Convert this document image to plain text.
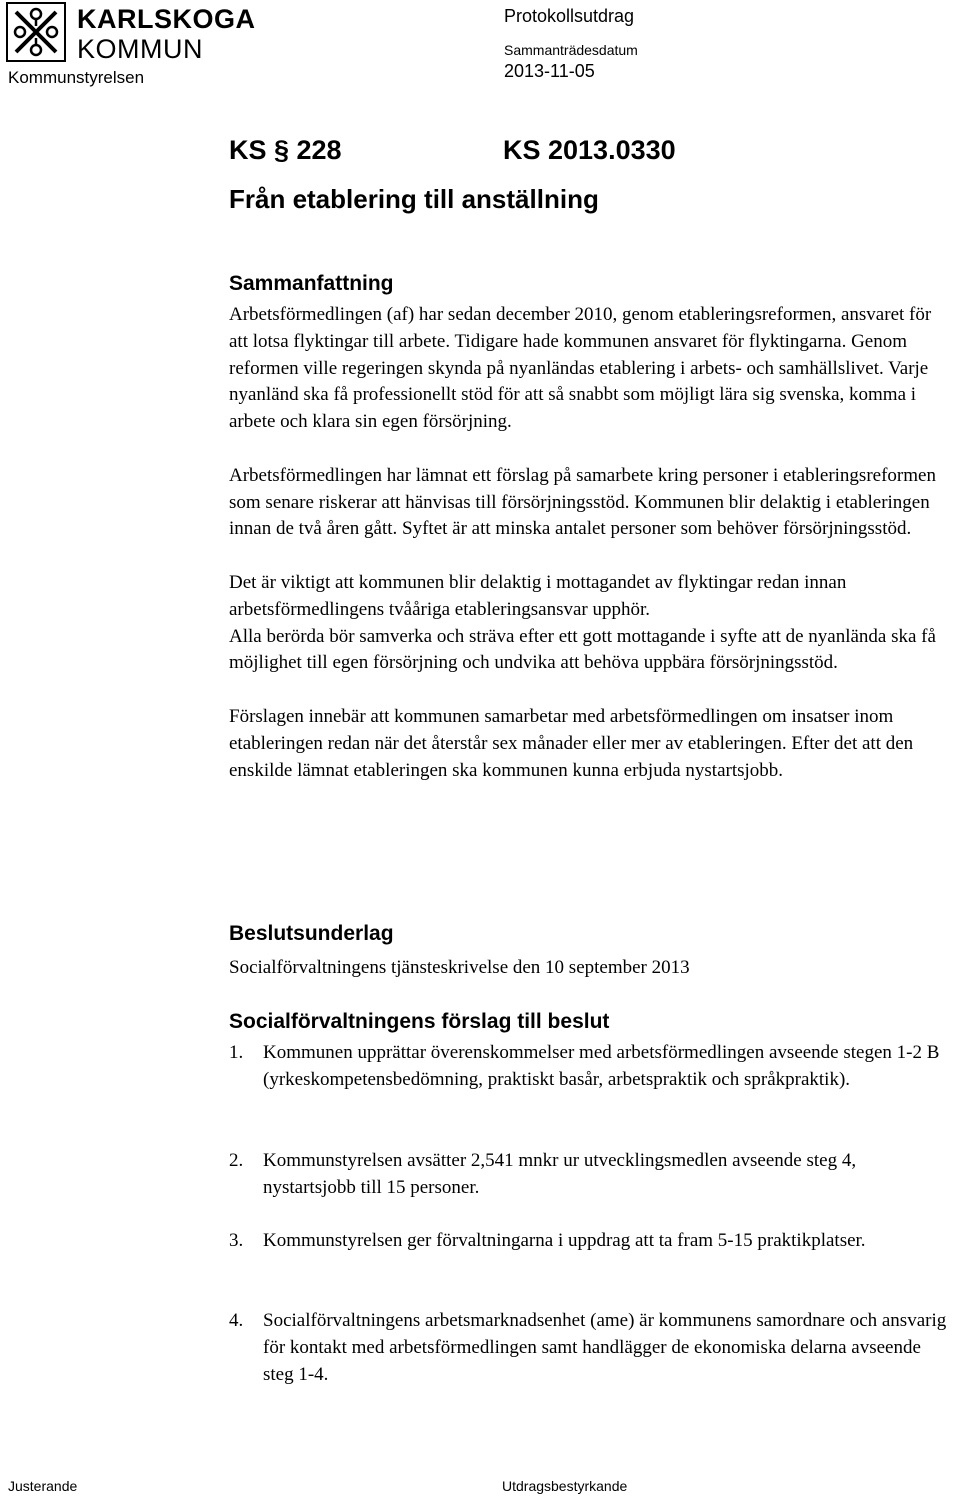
KARLSKOGA
KOMMUN
Kommunstyrelsen
Protokollsutdrag
Sammanträdesdatum
2013-11-05
KS § 228	KS 2013.0330
Från etablering till anställning
Sammanfattning

Arbetsförmedlingen (af) har sedan december 2010, genom etableringsreformen, ansvaret för att lotsa flyktingar till arbete. Tidigare hade kommunen ansvaret för flyktingarna. Genom reformen ville regeringen skynda på nyanländas etablering i arbets- och samhällslivet. Varje nyanländ ska få professionellt stöd för att så snabbt som möjligt lära sig svenska, komma i arbete och klara sin egen försörjning.

Arbetsförmedlingen har lämnat ett förslag på samarbete kring personer i etableringsreformen som senare riskerar att hänvisas till försörjningsstöd. Kommunen blir delaktig i etableringen innan de två åren gått. Syftet är att minska antalet personer som behöver försörjningsstöd.

Det är viktigt att kommunen blir delaktig i mottagandet av flyktingar redan innan arbetsförmedlingens tvååriga etableringsansvar upphör.

Alla berörda bör samverka och sträva efter ett gott mottagande i syfte att de nyanlända ska få möjlighet till egen försörjning och undvika att behöva uppbära försörjningsstöd.

Förslagen innebär att kommunen samarbetar med arbetsförmedlingen om insatser inom etableringen redan när det återstår sex månader eller mer av etableringen. Efter det att den enskilde lämnat etableringen ska kommunen kunna erbjuda nystartsjobb.

Beslutsunderlag
Socialförvaltningens tjänsteskrivelse den 10 september 2013
Socialförvaltningens förslag till beslut
1. Kommunen upprättar överenskommelser med arbetsförmedlingen avseende stegen 1-2 B (yrkeskompetensbedömning, praktiskt basår, arbetspraktik och språkpraktik).
2. Kommunstyrelsen avsätter 2,541 mnkr ur utvecklingsmedlen avseende steg 4, nystartsjobb till 15 personer.
3. Kommunstyrelsen ger förvaltningarna i uppdrag att ta fram 5-15 praktikplatser.
4. Socialförvaltningens arbetsmarknadsenhet (ame) är kommunens samordnare och ansvarig för kontakt med arbetsförmedlingen samt handlägger de ekonomiska delarna avseende steg 1-4.
Justerande	Utdragsbestyrkande
